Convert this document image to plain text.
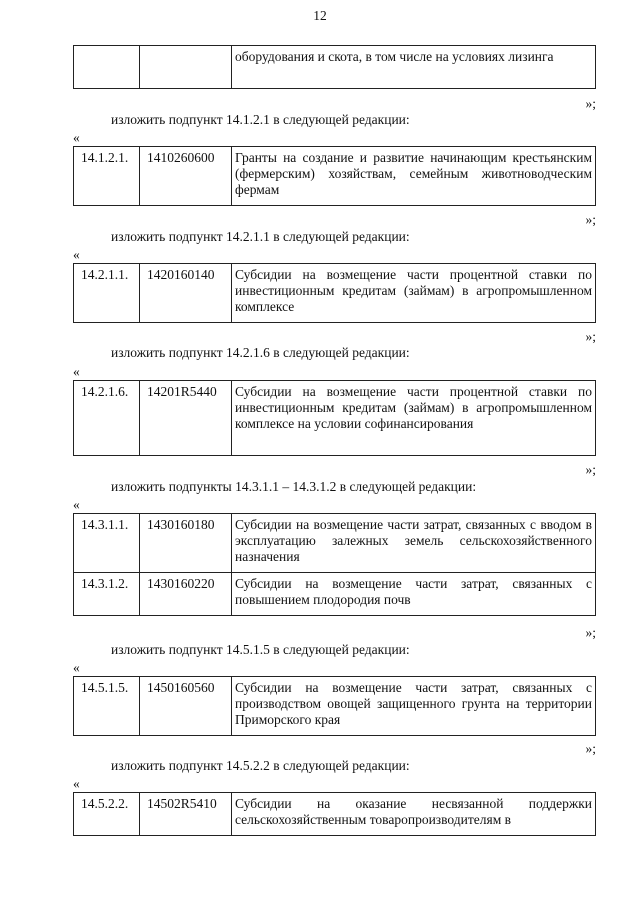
12
		оборудования и скота, в том числе на условиях лизинга
»;
изложить подпункт 14.1.2.1 в следующей редакции:
«
14.1.2.1.	1410260600	Гранты на создание и развитие начинающим крестьянским (фермерским) хозяйствам, семейным животноводческим фермам
»;
изложить подпункт 14.2.1.1 в следующей редакции:
«
14.2.1.1.	1420160140	Субсидии на возмещение части процентной ставки по инвестиционным кредитам (займам) в агропромышленном комплексе
»;
изложить подпункт 14.2.1.6 в следующей редакции:
«
14.2.1.6.	14201R5440	Субсидии на возмещение части процентной ставки по инвестиционным кредитам (займам) в агропромышленном комплексе на условии софинансирования
»;
изложить подпункты 14.3.1.1 – 14.3.1.2 в следующей редакции:
«
14.3.1.1.	1430160180	Субсидии на возмещение части затрат, связанных с вводом в эксплуатацию залежных земель сельскохозяйственного назначения
14.3.1.2.	1430160220	Субсидии на возмещение части затрат, связанных с повышением плодородия почв
»;
изложить подпункт 14.5.1.5 в следующей редакции:
«
14.5.1.5.	1450160560	Субсидии на возмещение части затрат, связанных с производством овощей защищенного грунта на территории Приморского края
»;
изложить подпункт 14.5.2.2 в следующей редакции:
«
14.5.2.2.	14502R5410	Субсидии на оказание несвязанной поддержки сельскохозяйственным товаропроизводителям в
